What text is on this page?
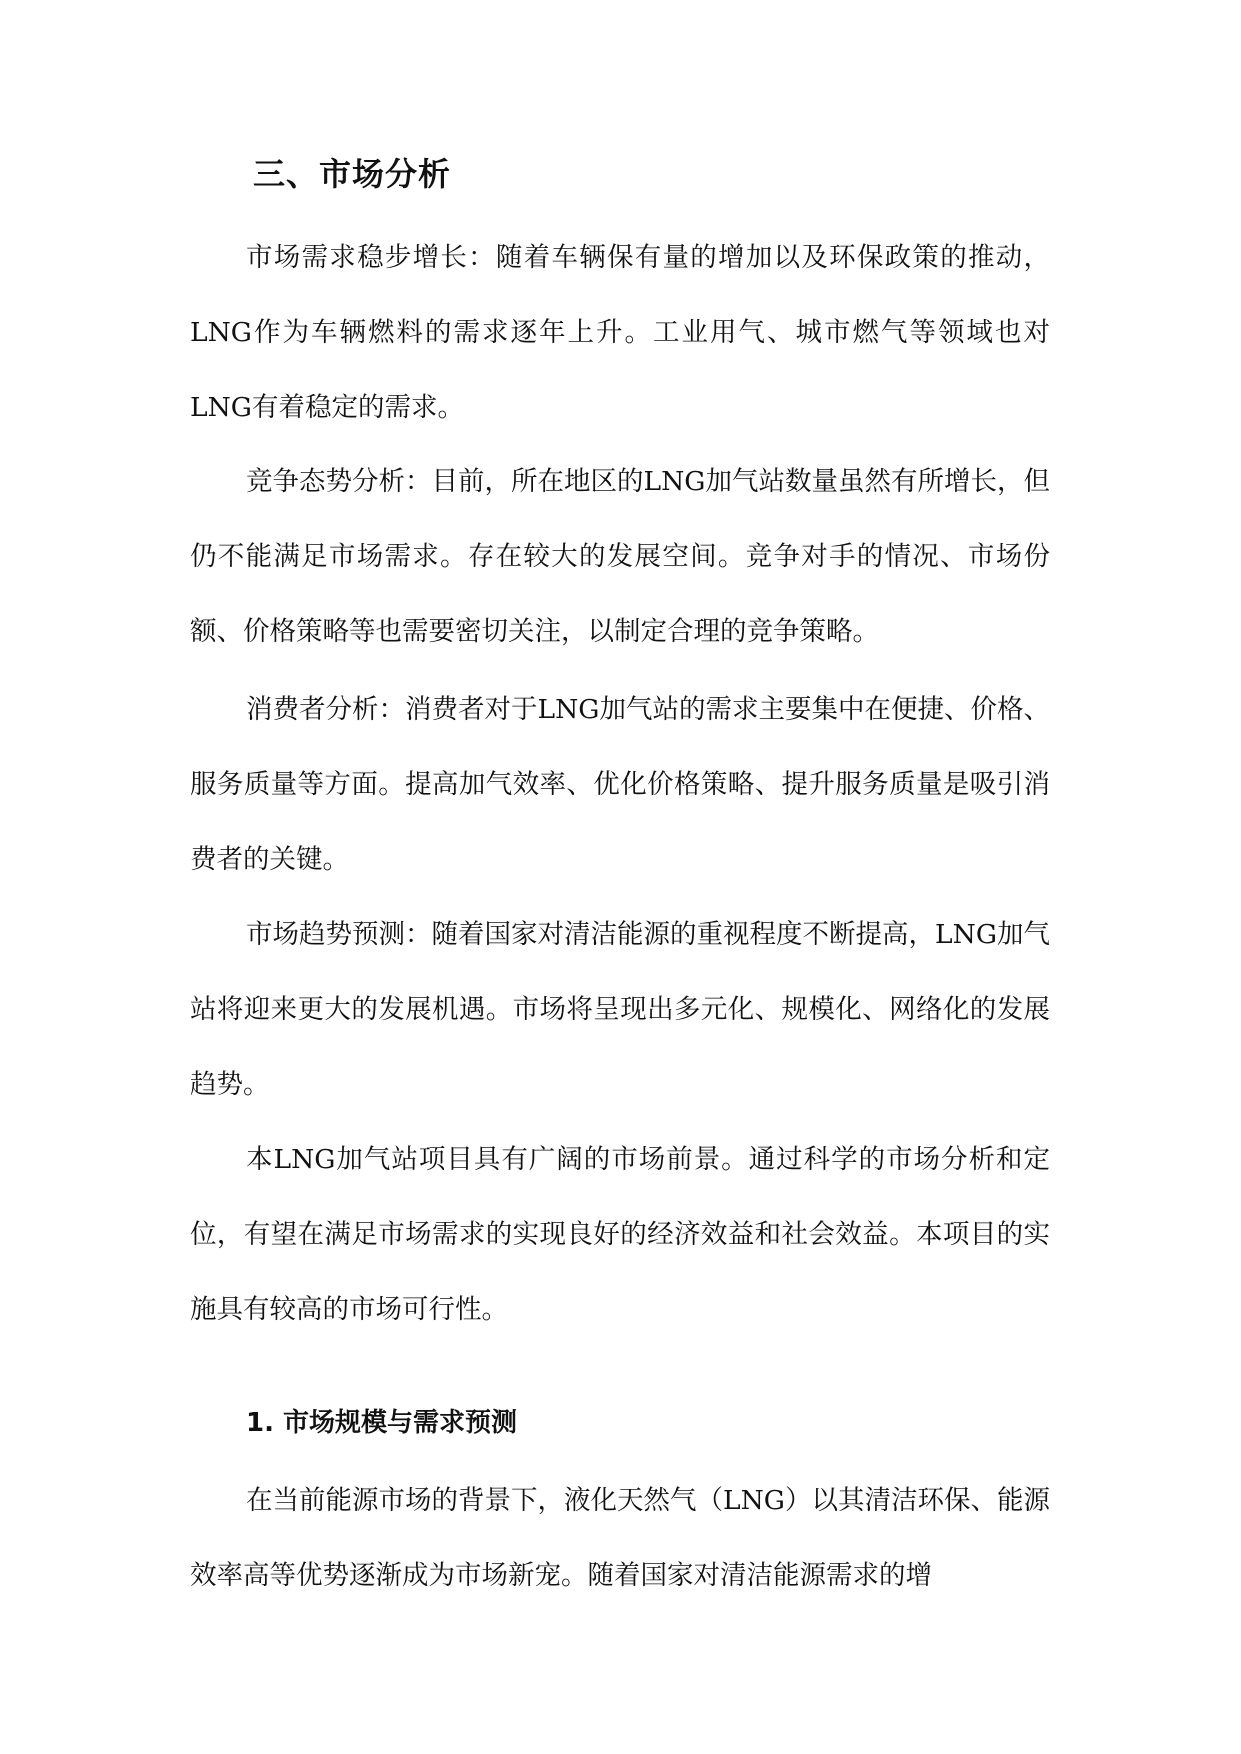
三、市场分析

市场需求稳步增长：随着车辆保有量的增加以及环保政策的推动，LNG作为车辆燃料的需求逐年上升。工业用气、城市燃气等领域也对LNG有着稳定的需求。

竞争态势分析：目前，所在地区的LNG加气站数量虽然有所增长，但仍不能满足市场需求。存在较大的发展空间。竞争对手的情况、市场份额、价格策略等也需要密切关注，以制定合理的竞争策略。

消费者分析：消费者对于LNG加气站的需求主要集中在便捷、价格、服务质量等方面。提高加气效率、优化价格策略、提升服务质量是吸引消费者的关键。

市场趋势预测：随着国家对清洁能源的重视程度不断提高，LNG加气站将迎来更大的发展机遇。市场将呈现出多元化、规模化、网络化的发展趋势。

本LNG加气站项目具有广阔的市场前景。通过科学的市场分析和定位，有望在满足市场需求的实现良好的经济效益和社会效益。本项目的实施具有较高的市场可行性。

1. 市场规模与需求预测

在当前能源市场的背景下，液化天然气（LNG）以其清洁环保、能源效率高等优势逐渐成为市场新宠。随着国家对清洁能源需求的增
